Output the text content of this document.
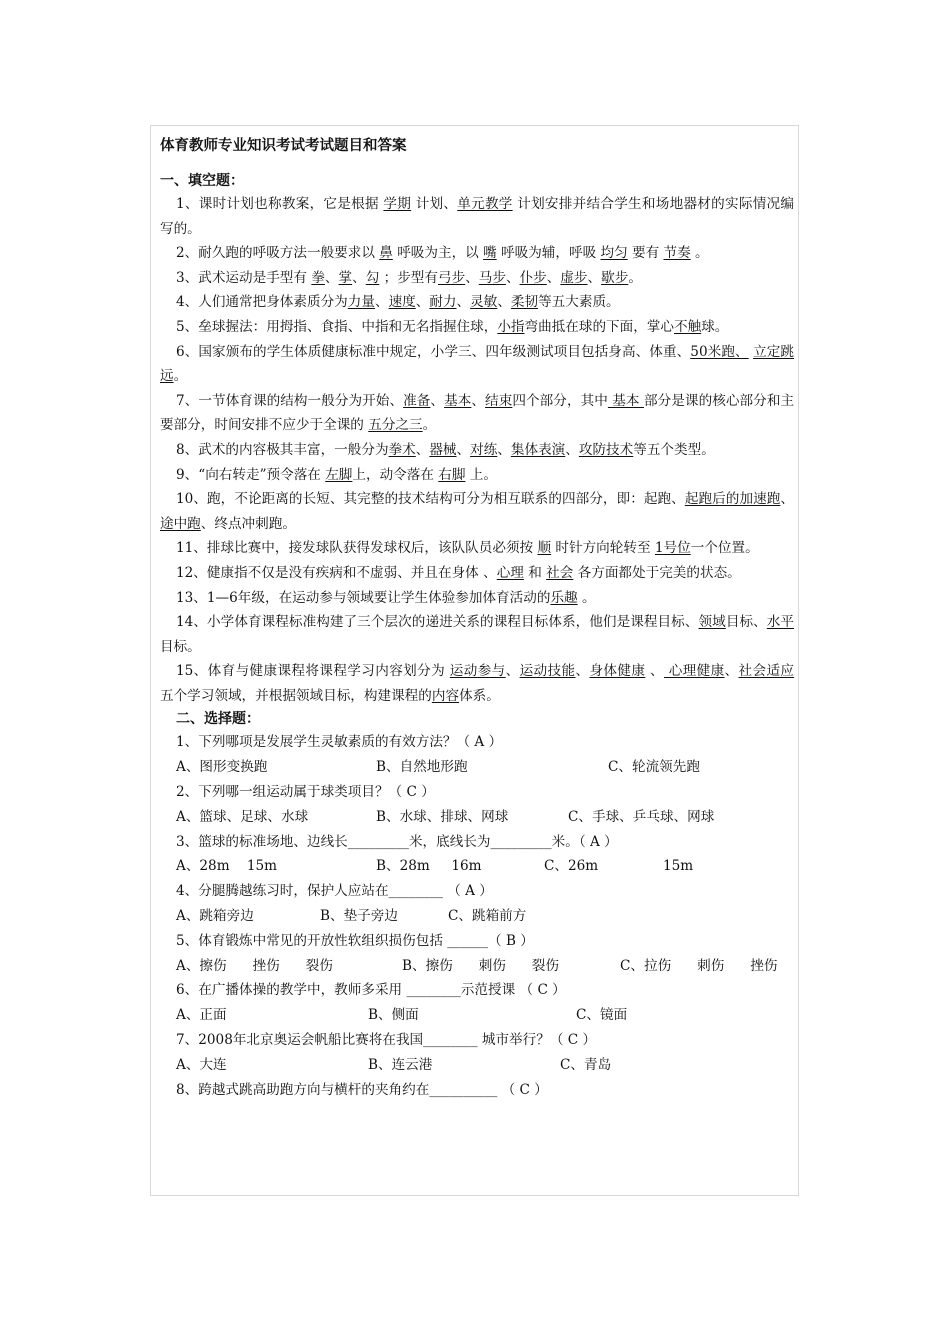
体育教师专业知识考试考试题目和答案
一、填空题：
1、课时计划也称教案，它是根据 学期 计划、单元教学 计划安排并结合学生和场地器材的实际情况编写的。
2、耐久跑的呼吸方法一般要求以 鼻 呼吸为主，以 嘴 呼吸为辅，呼吸 均匀 要有 节奏 。
3、武术运动是手型有 拳、掌、勾 ；步型有弓步、马步、仆步、虚步、歇步。
4、人们通常把身体素质分为力量、速度、耐力、灵敏、柔韧等五大素质。
5、垒球握法：用拇指、食指、中指和无名指握住球，小指弯曲抵在球的下面，掌心不触球。
6、国家颁布的学生体质健康标准中规定，小学三、四年级测试项目包括身高、体重、50米跑、 立定跳远。
7、一节体育课的结构一般分为开始、准备、基本、结束四个部分，其中 基本 部分是课的核心部分和主要部分，时间安排不应少于全课的 五分之三。
8、武术的内容极其丰富，一般分为拳术、器械、对练、集体表演、攻防技术等五个类型。
9、“向右转走”预令落在 左脚上，动令落在 右脚 上。
10、跑，不论距离的长短、其完整的技术结构可分为相互联系的四部分，即：起跑、起跑后的加速跑、途中跑、终点冲刺跑。
11、排球比赛中，接发球队获得发球权后，该队队员必须按 顺 时针方向轮转至 1号位一个位置。
12、健康指不仅是没有疾病和不虚弱、并且在身体 、心理 和 社会 各方面都处于完美的状态。
13、1—6年级，在运动参与领域要让学生体验参加体育活动的乐趣 。
14、小学体育课程标准构建了三个层次的递进关系的课程目标体系，他们是课程目标、领域目标、水平目标。
15、体育与健康课程将课程学习内容划分为 运动参与、运动技能、身体健康 、 心理健康、社会适应 五个学习领域，并根据领域目标，构建课程的内容体系。
二、选择题：
1、下列哪项是发展学生灵敏素质的有效方法？（ A ）
A、图形变换跑	B、自然地形跑	C、轮流领先跑
2、下列哪一组运动属于球类项目？（ C ）
A、篮球、足球、水球	B、水球、排球、网球	C、手球、乒乓球、网球
3、篮球的标准场地、边线长_________米，底线长为_________米。（ A ）
A、28m    15m	B、28m     16m	C、26m               15m
4、分腿腾越练习时，保护人应站在________ （ A ）
A、跳箱旁边	B、垫子旁边	C、跳箱前方
5、体育锻炼中常见的开放性软组织损伤包括 ______（ B ）
A、擦伤      挫伤      裂伤	B、擦伤      刺伤      裂伤	C、拉伤      刺伤      挫伤
6、在广播体操的教学中，教师多采用 ________示范授课 （ C ）
A、正面	B、侧面	C、镜面
7、2008年北京奥运会帆船比赛将在我国________ 城市举行？（ C ）
A、大连	B、连云港	C、青岛
8、跨越式跳高助跑方向与横杆的夹角约在__________ （ C ）
